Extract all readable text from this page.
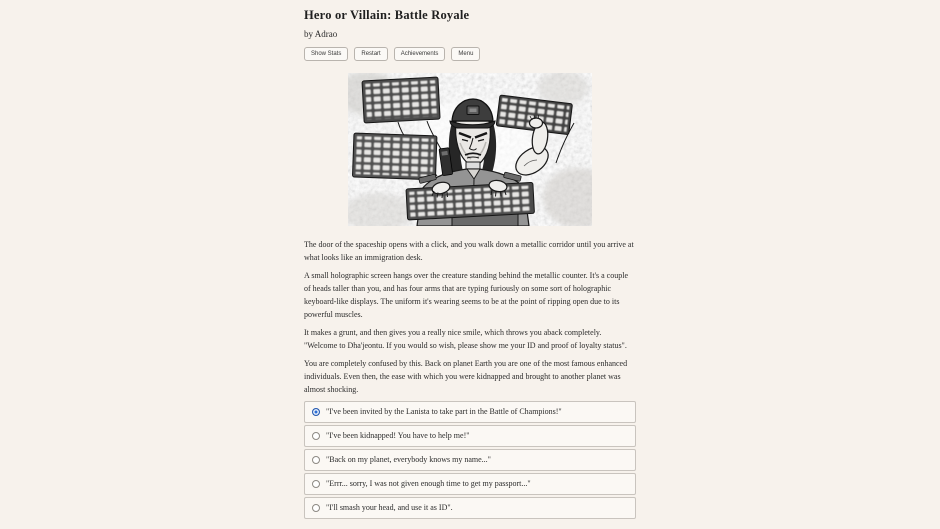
Hero or Villain: Battle Royale
by Adrao
Show Stats	Restart	Achievements	Menu

The door of the spaceship opens with a click, and you walk down a metallic corridor until you arrive at what looks like an immigration desk.

A small holographic screen hangs over the creature standing behind the metallic counter. It's a couple of heads taller than you, and has four arms that are typing furiously on some sort of holographic keyboard-like displays. The uniform it's wearing seems to be at the point of ripping open due to its powerful muscles.

It makes a grunt, and then gives you a really nice smile, which throws you aback completely. "Welcome to Dha'jeontu. If you would so wish, please show me your ID and proof of loyalty status".

You are completely confused by this. Back on planet Earth you are one of the most famous enhanced individuals. Even then, the ease with which you were kidnapped and brought to another planet was almost shocking.

"I've been invited by the Lanista to take part in the Battle of Champions!"
"I've been kidnapped! You have to help me!"
"Back on my planet, everybody knows my name..."
"Errr... sorry, I was not given enough time to get my passport..."
"I'll smash your head, and use it as ID".
